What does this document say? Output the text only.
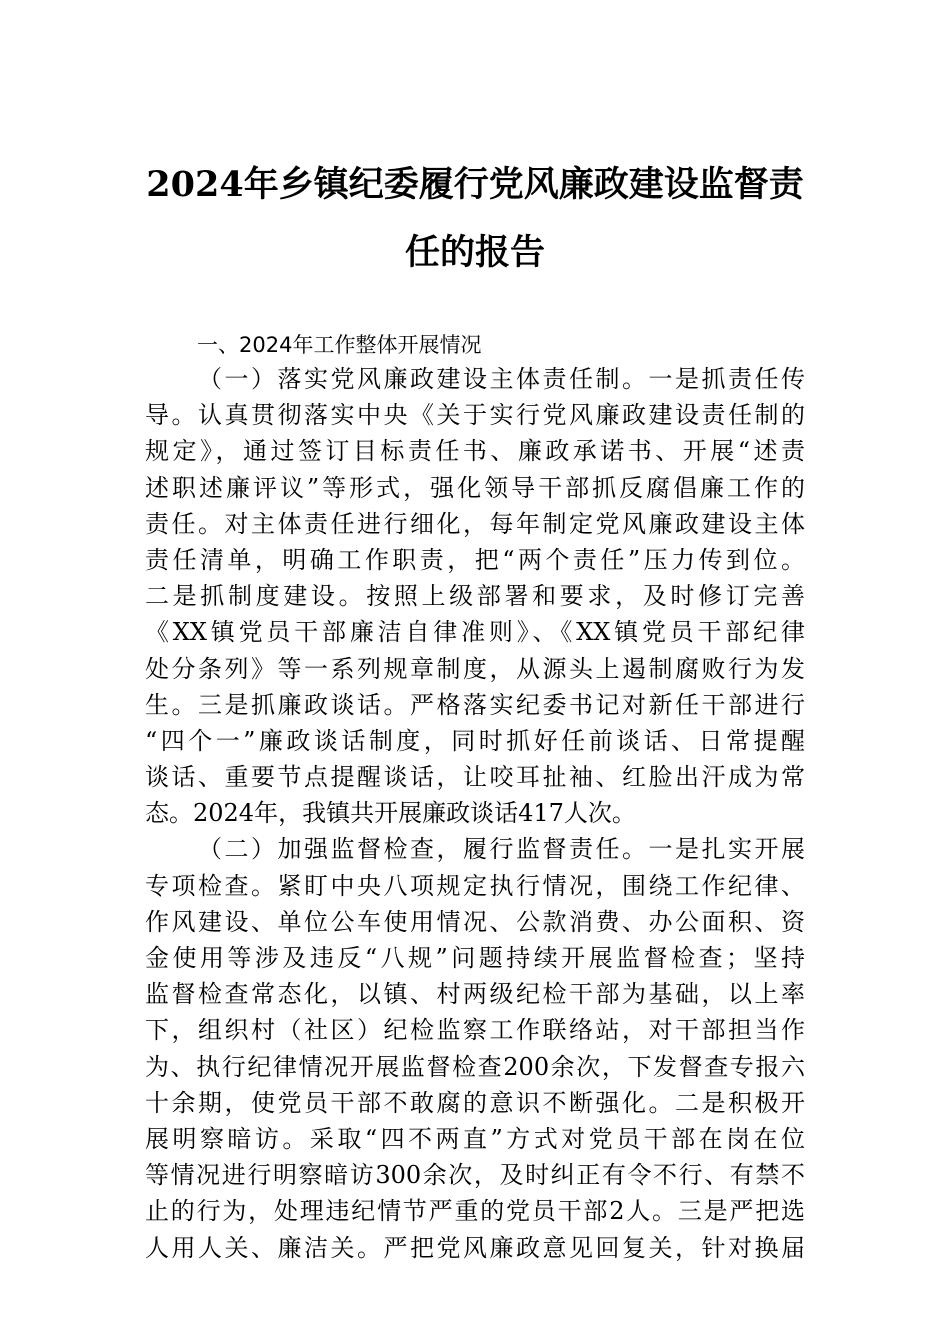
2024年乡镇纪委履行党风廉政建设监督责
任的报告
一、2024年工作整体开展情况
（一）落实党风廉政建设主体责任制。一是抓责任传
导。认真贯彻落实中央《关于实行党风廉政建设责任制的
规定》，通过签订目标责任书、廉政承诺书、开展“述责
述职述廉评议”等形式，强化领导干部抓反腐倡廉工作的
责任。对主体责任进行细化，每年制定党风廉政建设主体
责任清单，明确工作职责，把“两个责任”压力传到位。
二是抓制度建设。按照上级部署和要求，及时修订完善
《XX镇党员干部廉洁自律准则》、《XX镇党员干部纪律
处分条列》等一系列规章制度，从源头上遏制腐败行为发
生。三是抓廉政谈话。严格落实纪委书记对新任干部进行
“四个一”廉政谈话制度，同时抓好任前谈话、日常提醒
谈话、重要节点提醒谈话，让咬耳扯袖、红脸出汗成为常
态。2024年，我镇共开展廉政谈话417人次。
（二）加强监督检查，履行监督责任。一是扎实开展
专项检查。紧盯中央八项规定执行情况，围绕工作纪律、
作风建设、单位公车使用情况、公款消费、办公面积、资
金使用等涉及违反“八规”问题持续开展监督检查；坚持
监督检查常态化，以镇、村两级纪检干部为基础，以上率
下，组织村（社区）纪检监察工作联络站，对干部担当作
为、执行纪律情况开展监督检查200余次，下发督查专报六
十余期，使党员干部不敢腐的意识不断强化。二是积极开
展明察暗访。采取“四不两直”方式对党员干部在岗在位
等情况进行明察暗访300余次，及时纠正有令不行、有禁不
止的行为，处理违纪情节严重的党员干部2人。三是严把选
人用人关、廉洁关。严把党风廉政意见回复关，针对换届
